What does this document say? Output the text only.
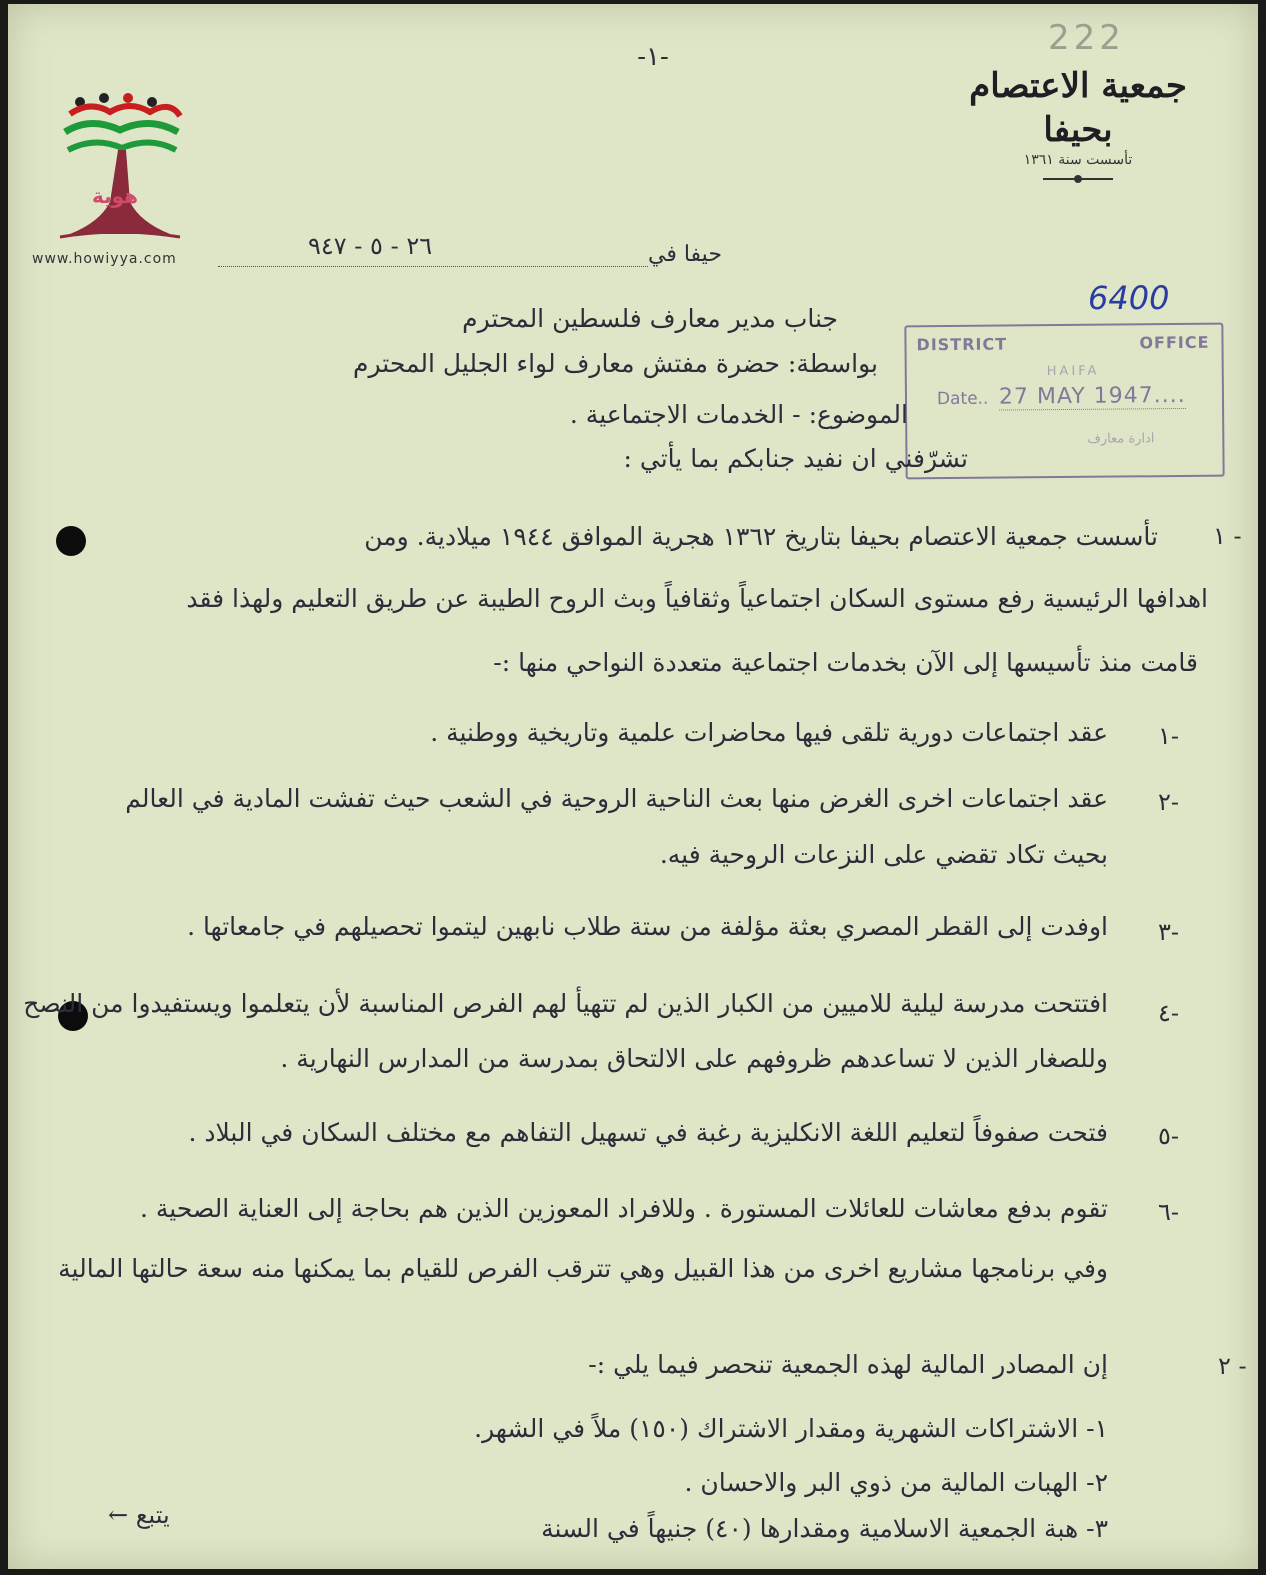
222
-١-
هوية
www.howiyya.com
جمعية الاعتصام بحيفا
تأسست سنة ١٣٦١
٢٦ - ٥ - ٩٤٧	حيفا في
6400
DISTRICT	OFFICE
HAIFA
Date.. 27 MAY 1947....
ادارة معارف
جناب مدير معارف فلسطين المحترم
بواسطة: حضرة مفتش معارف لواء الجليل المحترم
الموضوع: - الخدمات الاجتماعية .
تشرّفني ان نفيد جنابكم بما يأتي :
١ -
تأسست جمعية الاعتصام بحيفا بتاريخ ١٣٦٢ هجرية الموافق ١٩٤٤ ميلادية. ومن
اهدافها الرئيسية رفع مستوى السكان اجتماعياً وثقافياً وبث الروح الطيبة عن طريق التعليم ولهذا فقد
قامت منذ تأسيسها إلى الآن بخدمات اجتماعية متعددة النواحي منها :-
١-
عقد اجتماعات دورية تلقى فيها محاضرات علمية وتاريخية ووطنية .
٢-
عقد اجتماعات اخرى الغرض منها بعث الناحية الروحية في الشعب حيث تفشت المادية في العالم
بحيث تكاد تقضي على النزعات الروحية فيه.
٣-
اوفدت إلى القطر المصري بعثة مؤلفة من ستة طلاب نابهين ليتموا تحصيلهم في جامعاتها .
٤-
افتتحت مدرسة ليلية للاميين من الكبار الذين لم تتهيأ لهم الفرص المناسبة لأن يتعلموا ويستفيدوا من النصح
وللصغار الذين لا تساعدهم ظروفهم على الالتحاق بمدرسة من المدارس النهارية .
٥-
فتحت صفوفاً لتعليم اللغة الانكليزية رغبة في تسهيل التفاهم مع مختلف السكان في البلاد .
٦-
تقوم بدفع معاشات للعائلات المستورة . وللافراد المعوزين الذين هم بحاجة إلى العناية الصحية .
وفي برنامجها مشاريع اخرى من هذا القبيل وهي تترقب الفرص للقيام بما يمكنها منه سعة حالتها المالية
٢ -
إن المصادر المالية لهذه الجمعية تنحصر فيما يلي :-
١- الاشتراكات الشهرية ومقدار الاشتراك (١٥٠) ملاً في الشهر.
٢- الهبات المالية من ذوي البر والاحسان .
٣- هبة الجمعية الاسلامية ومقدارها (٤٠) جنيهاً في السنة
يتبع ←
